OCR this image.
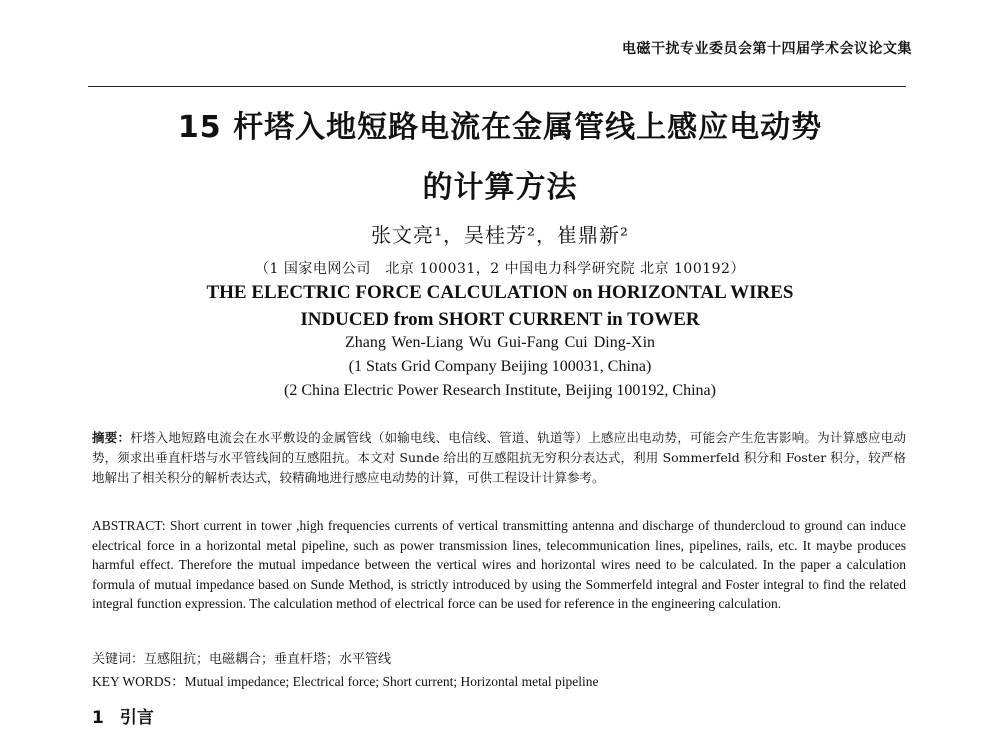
电磁干扰专业委员会第十四届学术会议论文集
15 杆塔入地短路电流在金属管线上感应电动势
的计算方法
张文亮¹，吴桂芳²，崔鼎新²
（1 国家电网公司　北京 100031，2 中国电力科学研究院 北京 100192）
THE ELECTRIC FORCE CALCULATION on HORIZONTAL WIRES
INDUCED from SHORT CURRENT in TOWER
Zhang Wen-Liang Wu Gui-Fang Cui Ding-Xin
(1 Stats Grid Company Beijing 100031, China)
(2 China Electric Power Research Institute, Beijing 100192, China)
摘要：杆塔入地短路电流会在水平敷设的金属管线（如输电线、电信线、管道、轨道等）上感应出电动势，可能会产生危害影响。为计算感应电动势，须求出垂直杆塔与水平管线间的互感阻抗。本文对 Sunde 给出的互感阻抗无穷积分表达式，利用 Sommerfeld 积分和 Foster 积分，较严格地解出了相关积分的解析表达式，较精确地进行感应电动势的计算，可供工程设计计算参考。
ABSTRACT: Short current in tower ,high frequencies currents of vertical transmitting antenna and discharge of thundercloud to ground can induce electrical force in a horizontal metal pipeline, such as power transmission lines, telecommunication lines, pipelines, rails, etc. It maybe produces harmful effect. Therefore the mutual impedance between the vertical wires and horizontal wires need to be calculated. In the paper a calculation formula of mutual impedance based on Sunde Method, is strictly introduced by using the Sommerfeld integral and Foster integral to find the related integral function expression. The calculation method of electrical force can be used for reference in the engineering calculation.
关键词：互感阻抗；电磁耦合；垂直杆塔；水平管线
KEY WORDS：Mutual impedance; Electrical force; Short current; Horizontal metal pipeline
1 引言
